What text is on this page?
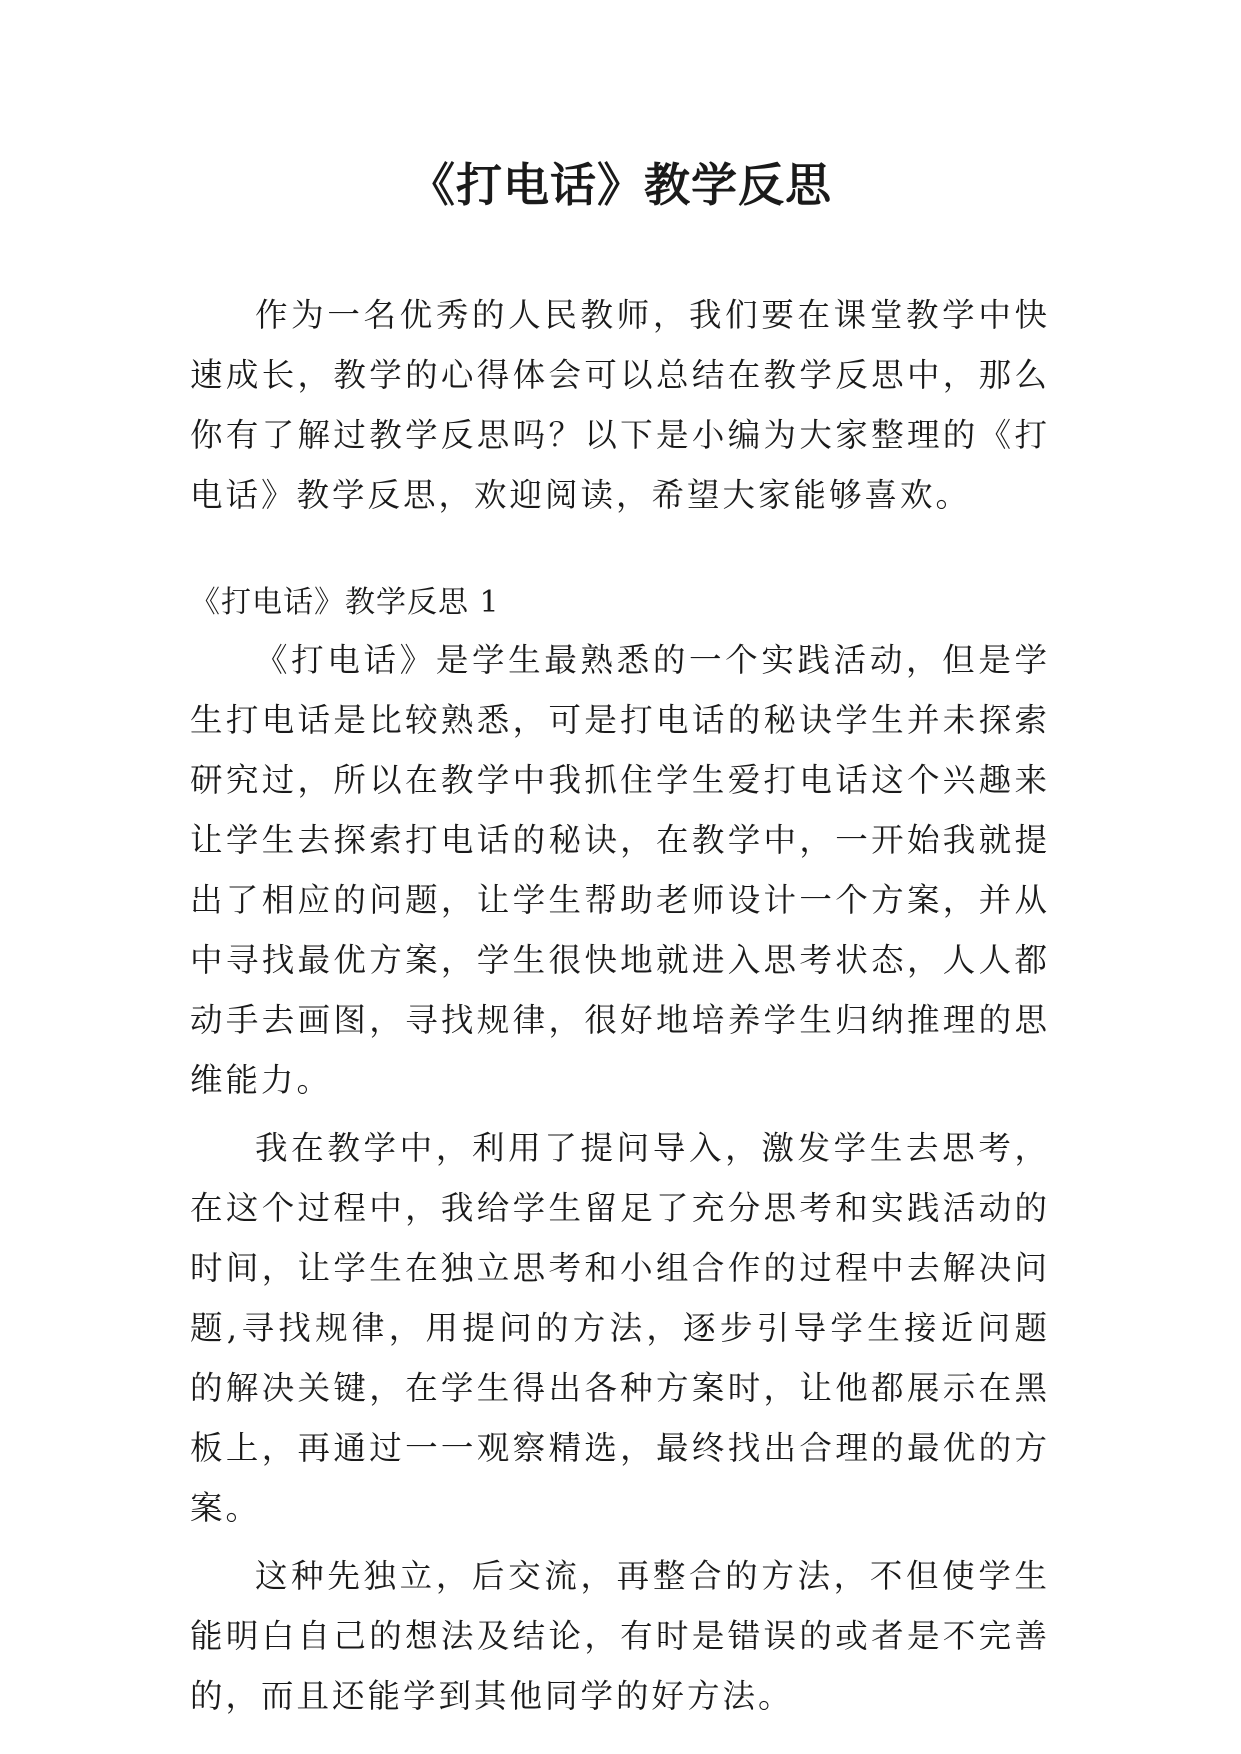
《打电话》教学反思

作为一名优秀的人民教师，我们要在课堂教学中快速成长，教学的心得体会可以总结在教学反思中，那么你有了解过教学反思吗？以下是小编为大家整理的《打电话》教学反思，欢迎阅读，希望大家能够喜欢。

《打电话》教学反思 1

《打电话》是学生最熟悉的一个实践活动，但是学生打电话是比较熟悉，可是打电话的秘诀学生并未探索研究过，所以在教学中我抓住学生爱打电话这个兴趣来让学生去探索打电话的秘诀，在教学中，一开始我就提出了相应的问题，让学生帮助老师设计一个方案，并从中寻找最优方案，学生很快地就进入思考状态，人人都动手去画图，寻找规律，很好地培养学生归纳推理的思维能力。

我在教学中，利用了提问导入，激发学生去思考，在这个过程中，我给学生留足了充分思考和实践活动的时间，让学生在独立思考和小组合作的过程中去解决问题,寻找规律，用提问的方法，逐步引导学生接近问题的解决关键，在学生得出各种方案时，让他都展示在黑板上，再通过一一观察精选，最终找出合理的最优的方案。

这种先独立，后交流，再整合的方法，不但使学生能明白自己的想法及结论，有时是错误的或者是不完善的，而且还能学到其他同学的好方法。
